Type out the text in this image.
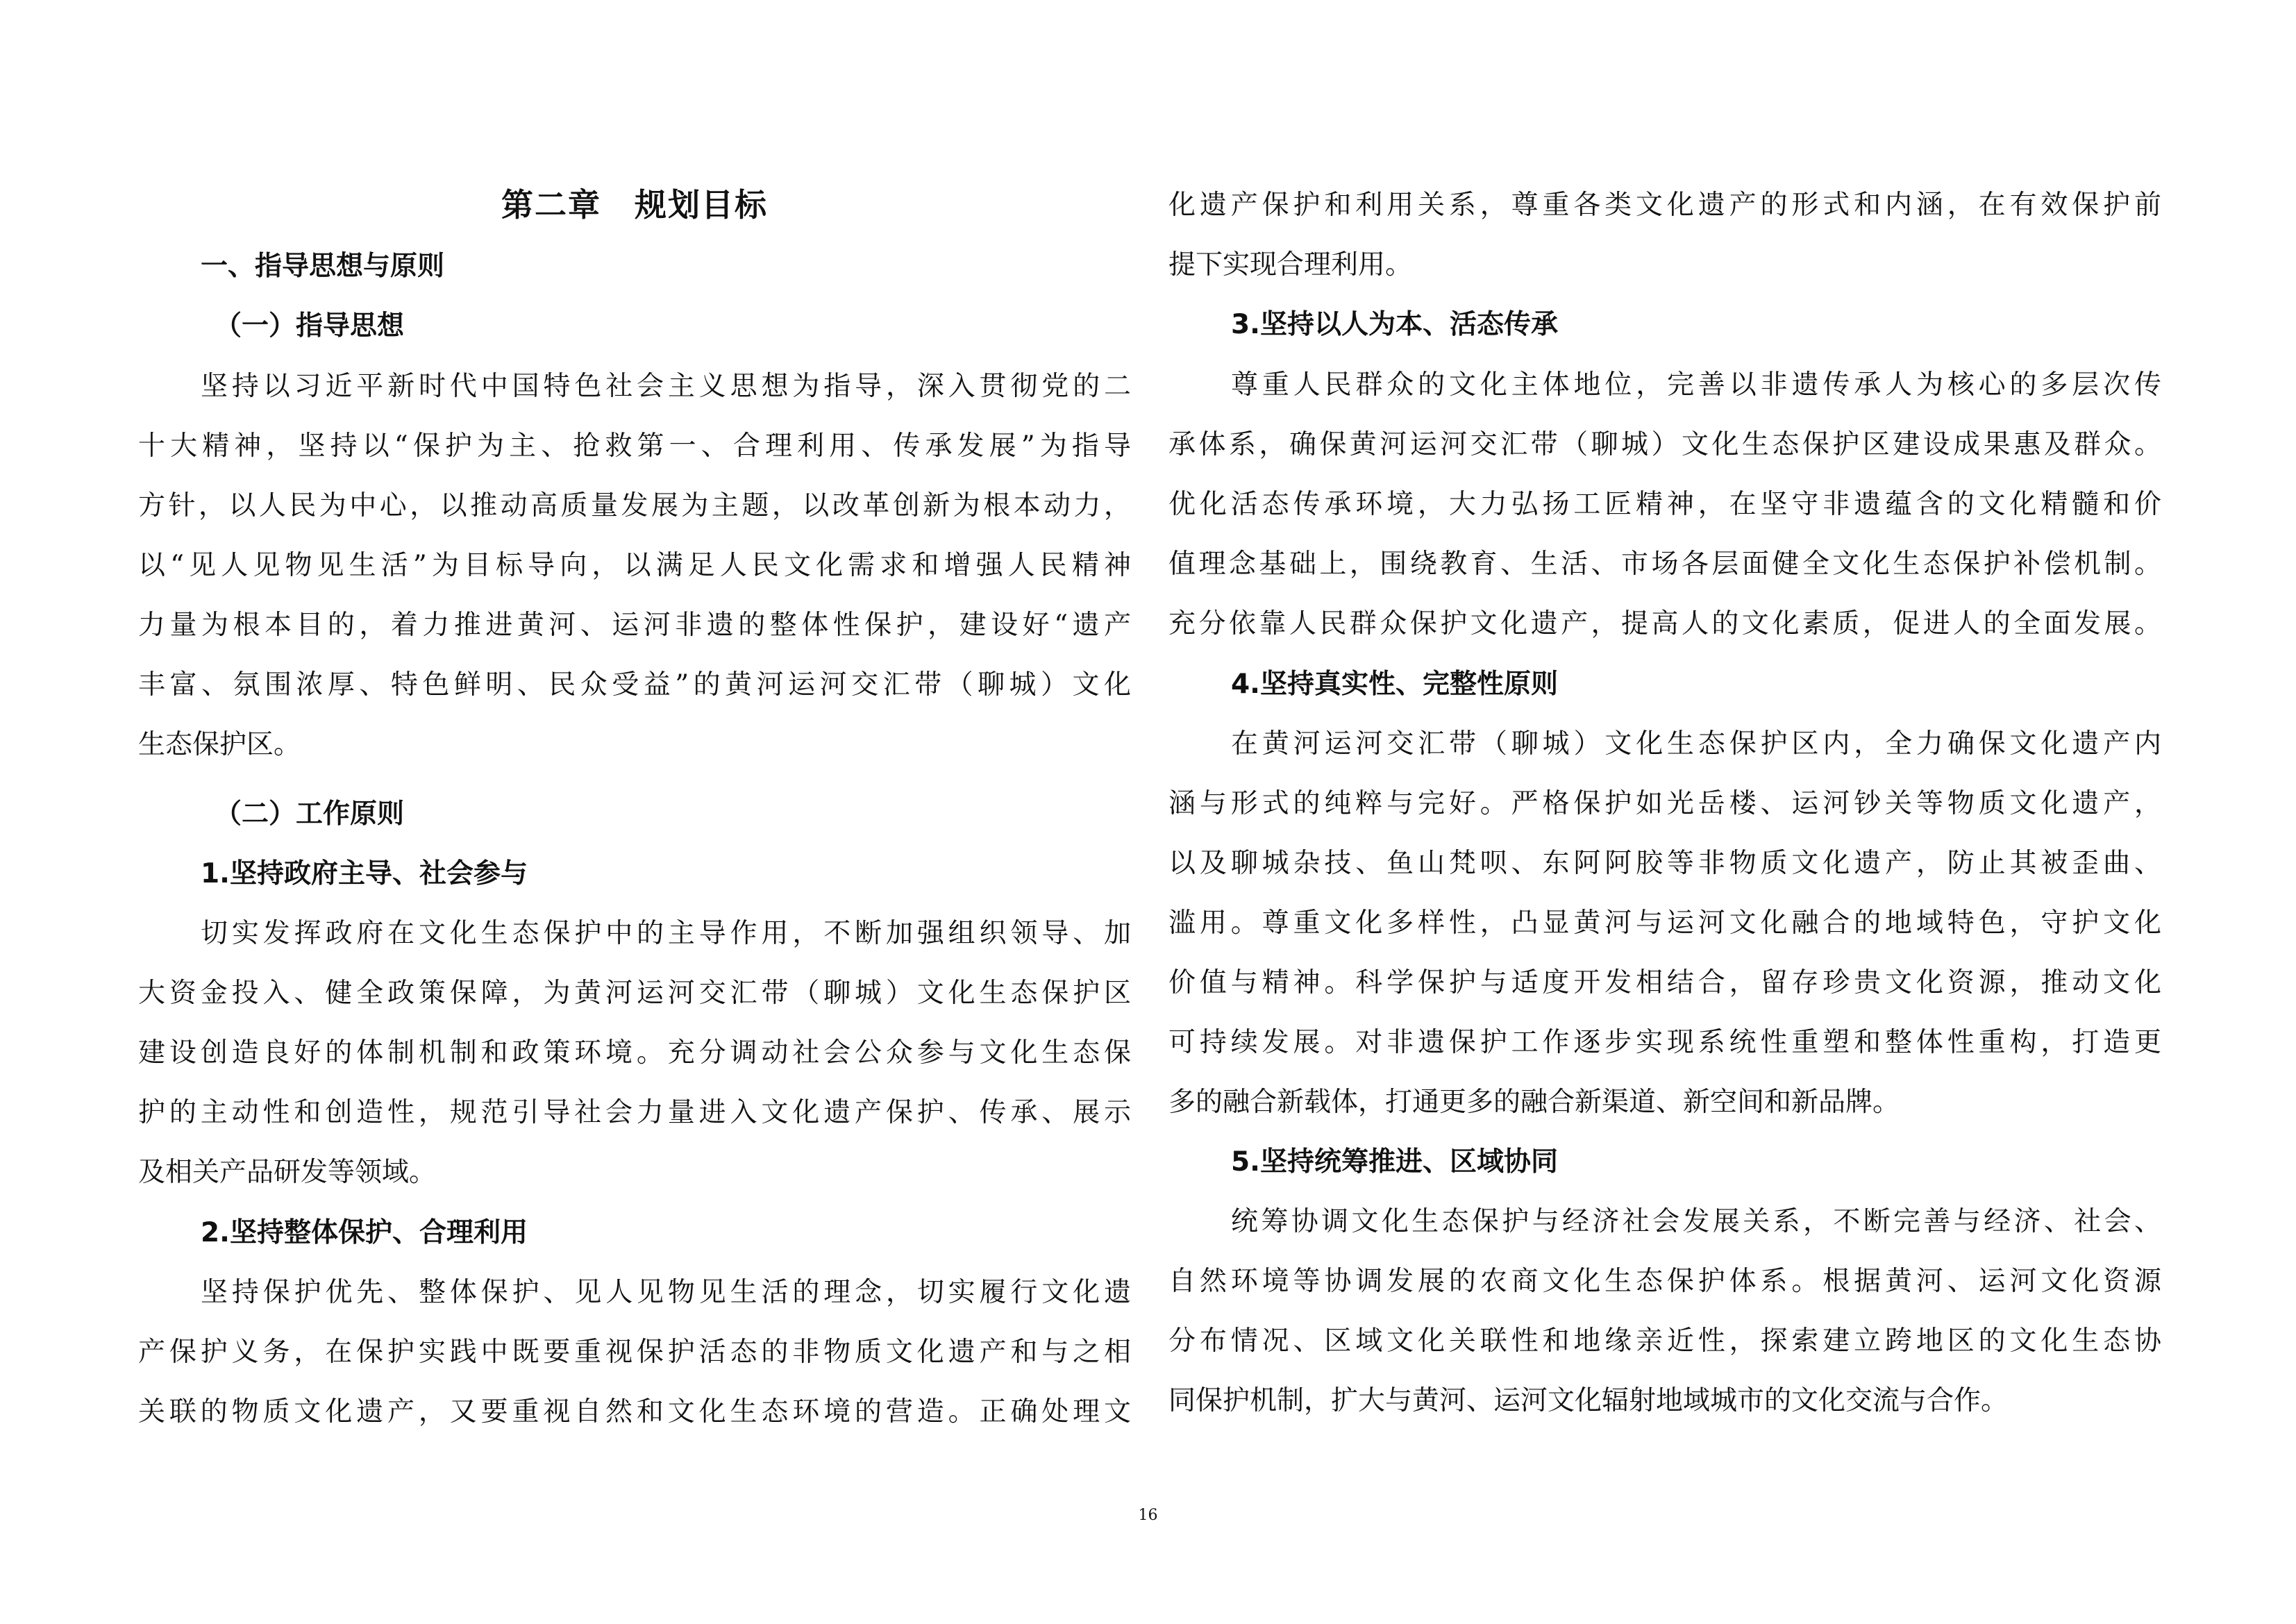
第二章　规划目标
一、指导思想与原则
（一）指导思想
坚持以习近平新时代中国特色社会主义思想为指导，深入贯彻党的二
十大精神，坚持以“保护为主、抢救第一、合理利用、传承发展”为指导
方针，以人民为中心，以推动高质量发展为主题，以改革创新为根本动力，
以“见人见物见生活”为目标导向，以满足人民文化需求和增强人民精神
力量为根本目的，着力推进黄河、运河非遗的整体性保护，建设好“遗产
丰富、氛围浓厚、特色鲜明、民众受益”的黄河运河交汇带（聊城）文化
生态保护区。
（二）工作原则
1.坚持政府主导、社会参与
切实发挥政府在文化生态保护中的主导作用，不断加强组织领导、加
大资金投入、健全政策保障，为黄河运河交汇带（聊城）文化生态保护区
建设创造良好的体制机制和政策环境。充分调动社会公众参与文化生态保
护的主动性和创造性，规范引导社会力量进入文化遗产保护、传承、展示
及相关产品研发等领域。
2.坚持整体保护、合理利用
坚持保护优先、整体保护、见人见物见生活的理念，切实履行文化遗
产保护义务，在保护实践中既要重视保护活态的非物质文化遗产和与之相
关联的物质文化遗产，又要重视自然和文化生态环境的营造。正确处理文
化遗产保护和利用关系，尊重各类文化遗产的形式和内涵，在有效保护前
提下实现合理利用。
3.坚持以人为本、活态传承
尊重人民群众的文化主体地位，完善以非遗传承人为核心的多层次传
承体系，确保黄河运河交汇带（聊城）文化生态保护区建设成果惠及群众。
优化活态传承环境，大力弘扬工匠精神，在坚守非遗蕴含的文化精髓和价
值理念基础上，围绕教育、生活、市场各层面健全文化生态保护补偿机制。
充分依靠人民群众保护文化遗产，提高人的文化素质，促进人的全面发展。
4.坚持真实性、完整性原则
在黄河运河交汇带（聊城）文化生态保护区内，全力确保文化遗产内
涵与形式的纯粹与完好。严格保护如光岳楼、运河钞关等物质文化遗产，
以及聊城杂技、鱼山梵呗、东阿阿胶等非物质文化遗产，防止其被歪曲、
滥用。尊重文化多样性，凸显黄河与运河文化融合的地域特色，守护文化
价值与精神。科学保护与适度开发相结合，留存珍贵文化资源，推动文化
可持续发展。对非遗保护工作逐步实现系统性重塑和整体性重构，打造更
多的融合新载体，打通更多的融合新渠道、新空间和新品牌。
5.坚持统筹推进、区域协同
统筹协调文化生态保护与经济社会发展关系，不断完善与经济、社会、
自然环境等协调发展的农商文化生态保护体系。根据黄河、运河文化资源
分布情况、区域文化关联性和地缘亲近性，探索建立跨地区的文化生态协
同保护机制，扩大与黄河、运河文化辐射地域城市的文化交流与合作。
16
